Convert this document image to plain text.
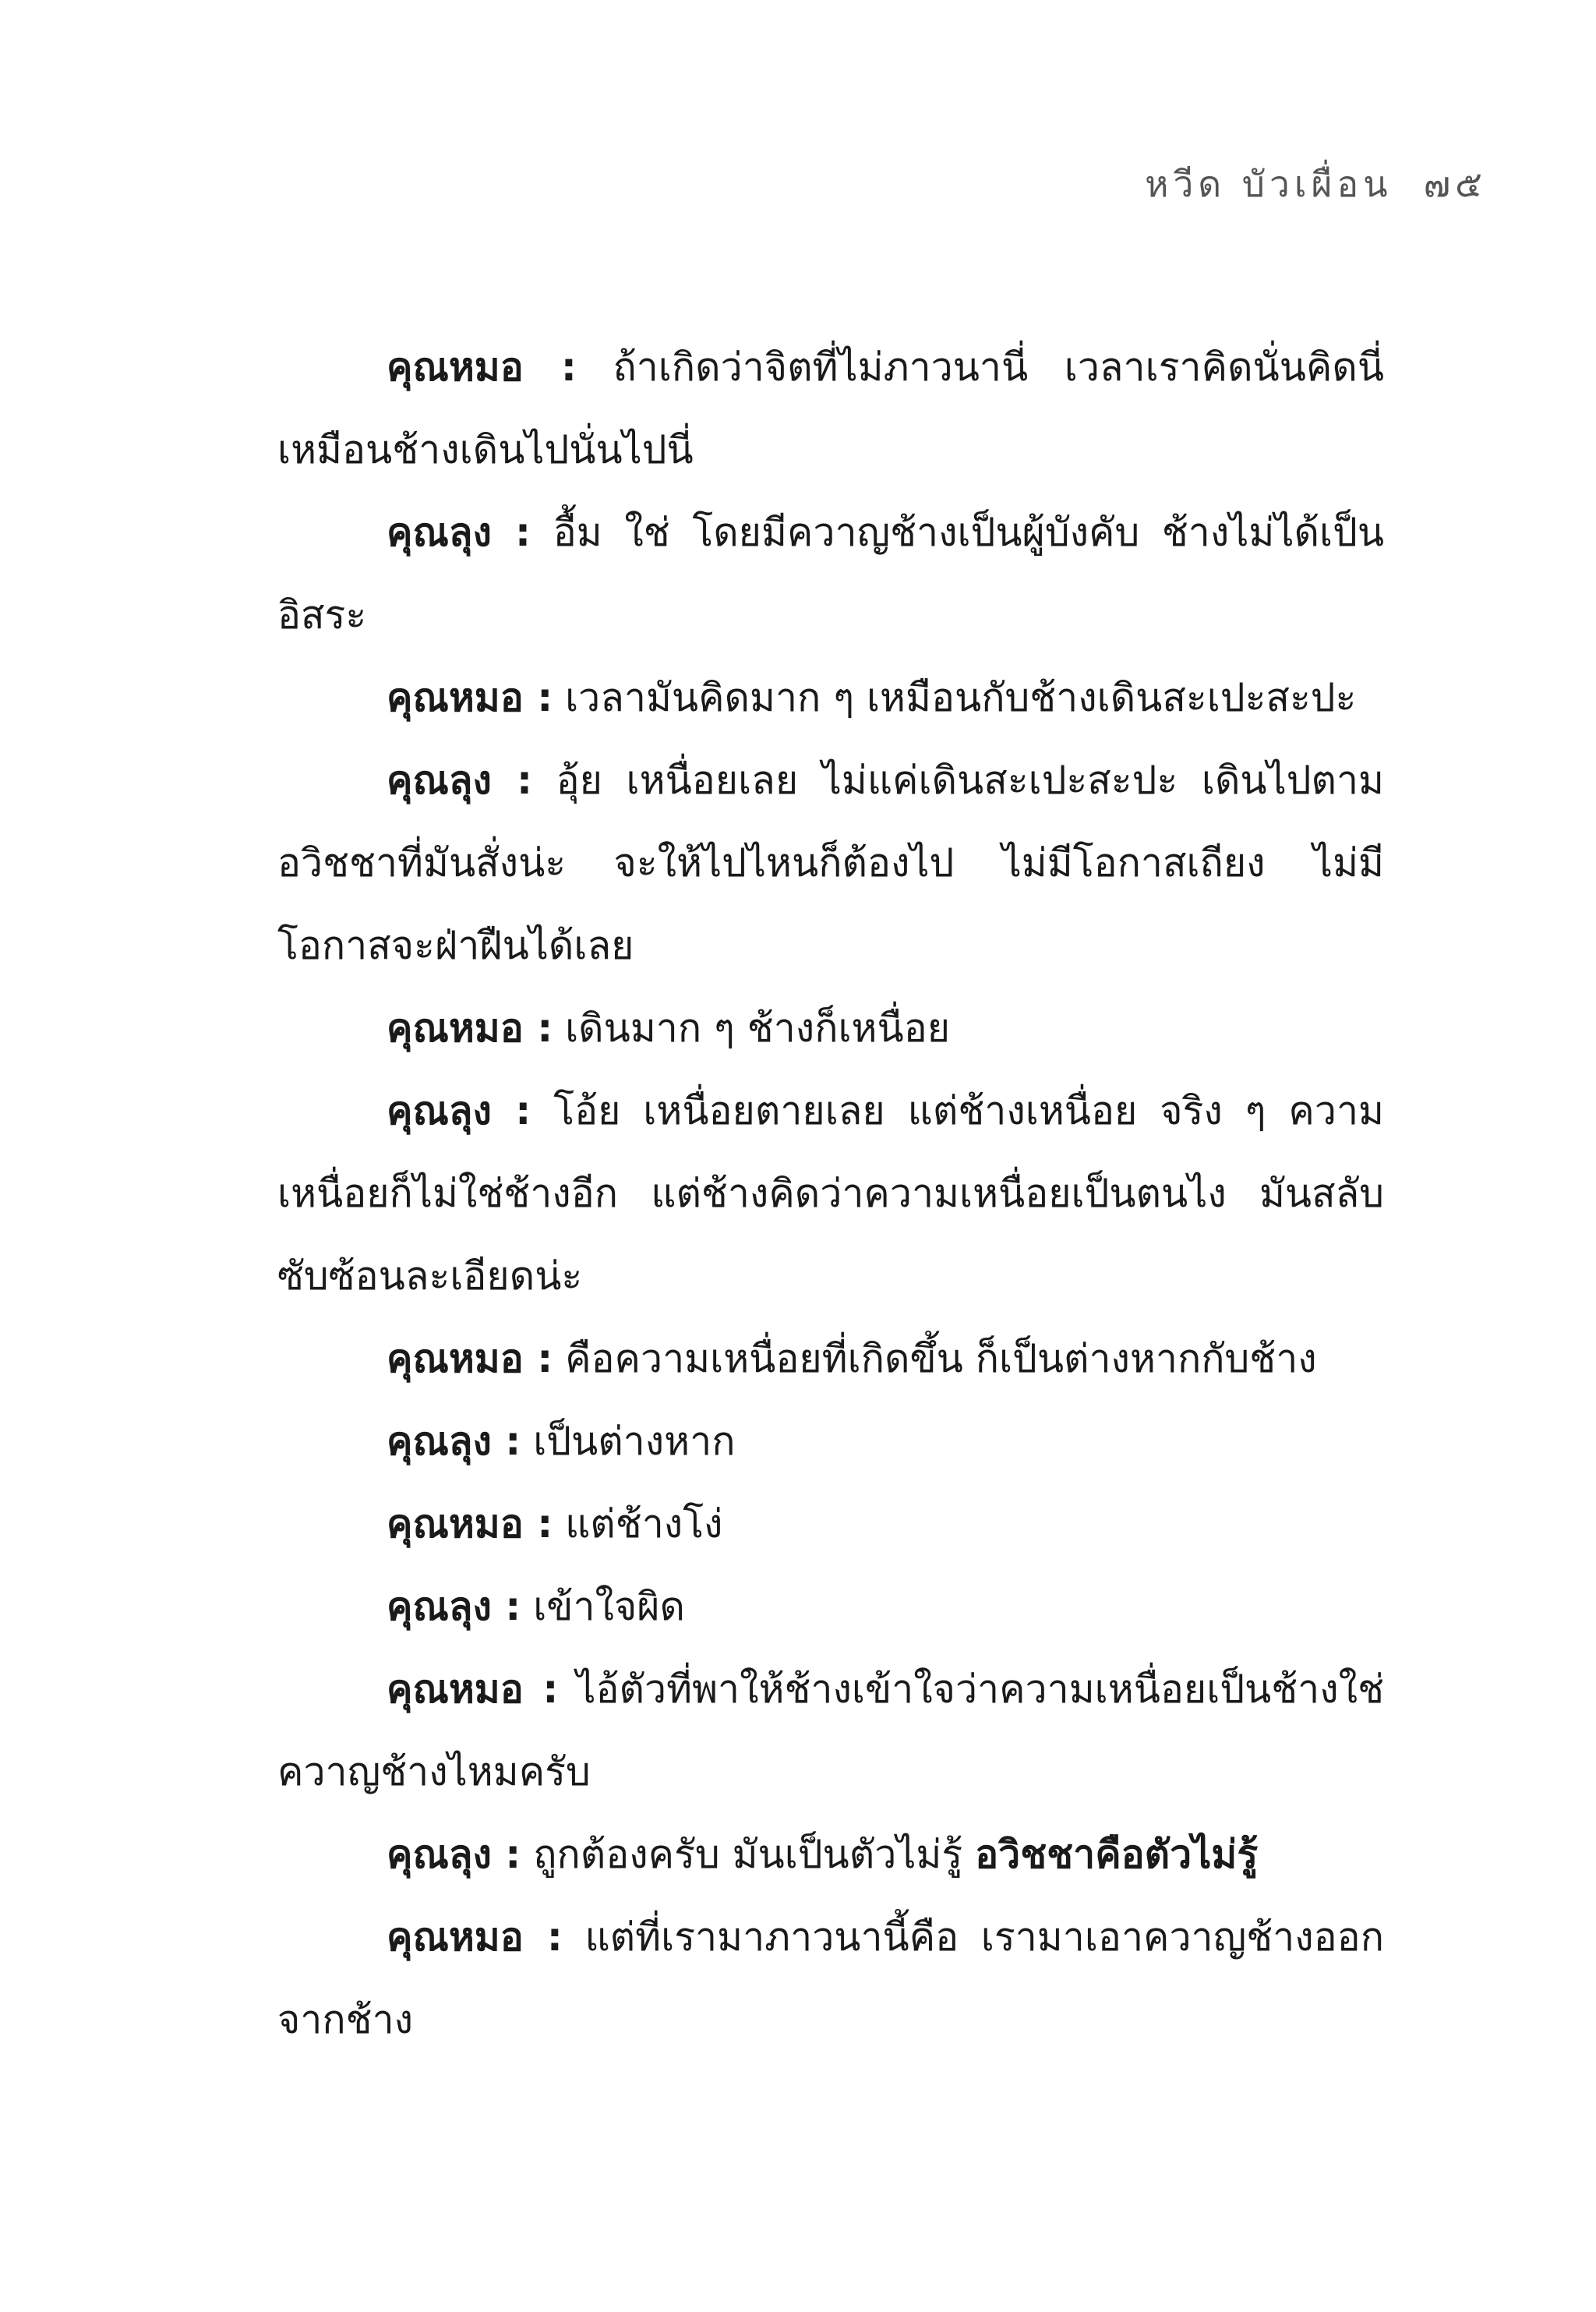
หวีด บัวเผื่อน ๗๕

คุณหมอ : ถ้าเกิดว่าจิตที่ไม่ภาวนานี่ เวลาเราคิดนั่นคิดนี่ เหมือนช้างเดินไปนั่นไปนี่

คุณลุง : อื้ม ใช่ โดยมีควาญช้างเป็นผู้บังคับ ช้างไม่ได้เป็นอิสระ

คุณหมอ : เวลามันคิดมาก ๆ เหมือนกับช้างเดินสะเปะสะปะ

คุณลุง : อุ้ย เหนื่อยเลย ไม่แค่เดินสะเปะสะปะ เดินไปตามอวิชชาที่มันสั่งน่ะ จะให้ไปไหนก็ต้องไป ไม่มีโอกาสเถียง ไม่มีโอกาสจะฝ่าฝืนได้เลย

คุณหมอ : เดินมาก ๆ ช้างก็เหนื่อย

คุณลุง : โอ้ย เหนื่อยตายเลย แต่ช้างเหนื่อย จริง ๆ ความเหนื่อยก็ไม่ใช่ช้างอีก แต่ช้างคิดว่าความเหนื่อยเป็นตนไง มันสลับซับซ้อนละเอียดน่ะ

คุณหมอ : คือความเหนื่อยที่เกิดขึ้น ก็เป็นต่างหากกับช้าง

คุณลุง : เป็นต่างหาก

คุณหมอ : แต่ช้างโง่

คุณลุง : เข้าใจผิด

คุณหมอ : ไอ้ตัวที่พาให้ช้างเข้าใจว่าความเหนื่อยเป็นช้างใช่ควาญช้างไหมครับ

คุณลุง : ถูกต้องครับ มันเป็นตัวไม่รู้ อวิชชาคือตัวไม่รู้

คุณหมอ : แต่ที่เรามาภาวนานี้คือ เรามาเอาควาญช้างออกจากช้าง
